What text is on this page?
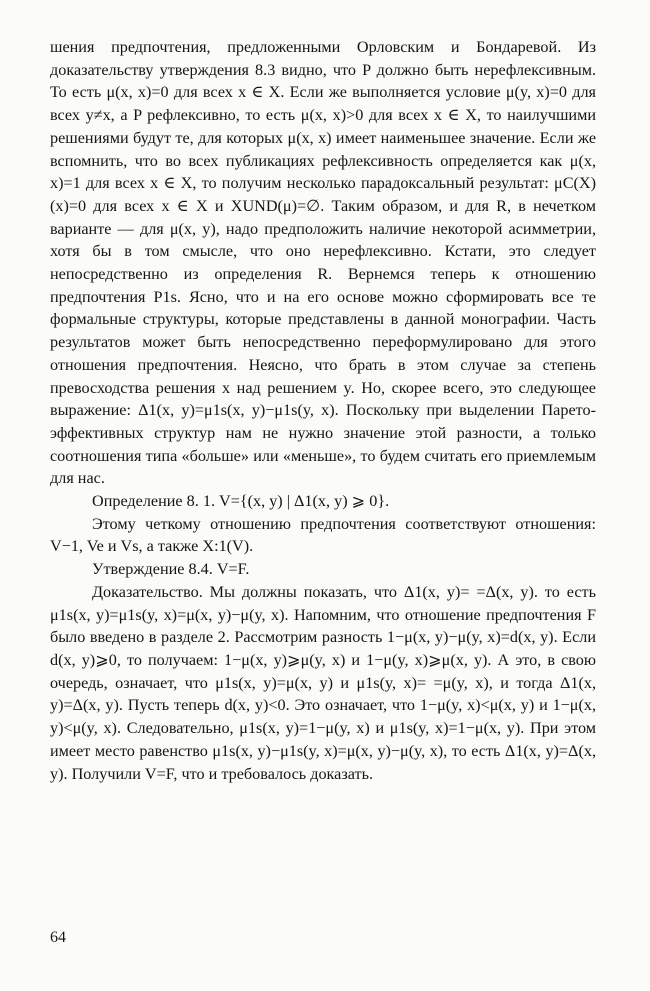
шения предпочтения, предложенными Орловским и Бондаревой. Из доказательству утверждения 8.3 видно, что P должно быть нерефлексивным. То есть μ(x, x)=0 для всех x ∈ X. Если же выполняется условие μ(y, x)=0 для всех y≠x, а P рефлексивно, то есть μ(x, x)>0 для всех x ∈ X, то наилучшими решениями будут те, для которых μ(x, x) имеет наименьшее значение. Если же вспомнить, что во всех публикациях рефлексивность определяется как μ(x, x)=1 для всех x ∈ X, то получим несколько парадоксальный результат: μC(X)(x)=0 для всех x ∈ X и XUND(μ)=∅. Таким образом, и для R, в нечетком варианте — для μ(x, y), надо предположить наличие некоторой асимметрии, хотя бы в том смысле, что оно нерефлексивно. Кстати, это следует непосредственно из определения R. Вернемся теперь к отношению предпочтения P1s. Ясно, что и на его основе можно сформировать все те формальные структуры, которые представлены в данной монографии. Часть результатов может быть непосредственно переформулировано для этого отношения предпочтения. Неясно, что брать в этом случае за степень превосходства решения x над решением y. Но, скорее всего, это следующее выражение: Δ1(x, y)=μ1s(x, y)−μ1s(y, x). Поскольку при выделении Парето-эффективных структур нам не нужно значение этой разности, а только соотношения типа «больше» или «меньше», то будем считать его приемлемым для нас.

Определение 8. 1. V={(x, y) | Δ1(x, y) ⩾ 0}.

Этому четкому отношению предпочтения соответствуют отношения: V−1, Ve и Vs, а также X:1(V).

Утверждение 8.4. V=F.

Доказательство. Мы должны показать, что Δ1(x, y)= =Δ(x, y). то есть μ1s(x, y)=μ1s(y, x)=μ(x, y)−μ(y, x). Напомним, что отношение предпочтения F было введено в разделе 2. Рассмотрим разность 1−μ(x, y)−μ(y, x)=d(x, y). Если d(x, y)⩾0, то получаем: 1−μ(x, y)⩾μ(y, x) и 1−μ(y, x)⩾μ(x, y). А это, в свою очередь, означает, что μ1s(x, y)=μ(x, y) и μ1s(y, x)= =μ(y, x), и тогда Δ1(x, y)=Δ(x, y). Пусть теперь d(x, y)<0. Это означает, что 1−μ(y, x)<μ(x, y) и 1−μ(x, y)<μ(y, x). Следовательно, μ1s(x, y)=1−μ(y, x) и μ1s(y, x)=1−μ(x, y). При этом имеет место равенство μ1s(x, y)−μ1s(y, x)=μ(x, y)−μ(y, x), то есть Δ1(x, y)=Δ(x, y). Получили V=F, что и требовалось доказать.

64
